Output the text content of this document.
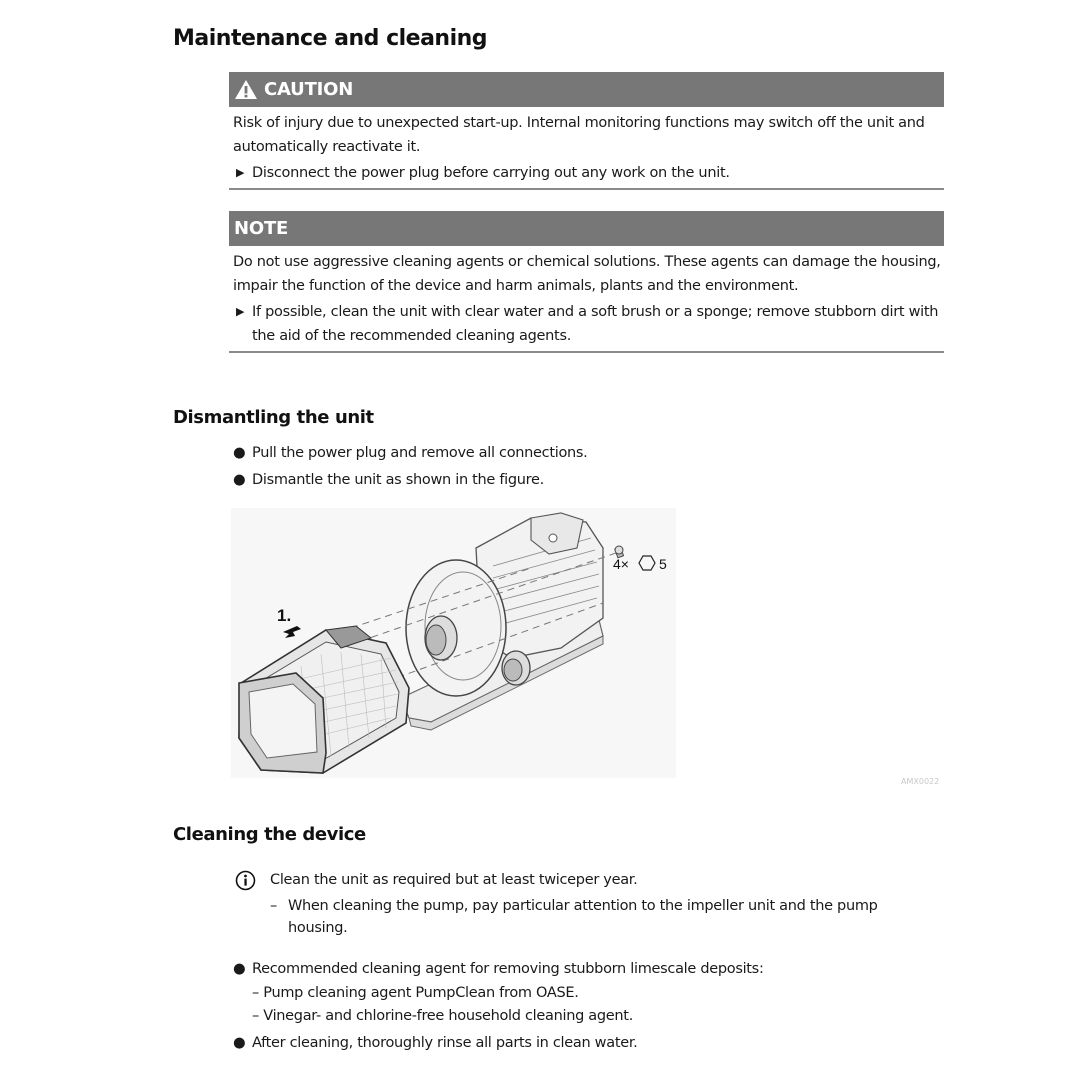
Maintenance and cleaning
CAUTION
Risk of injury due to unexpected start-up. Internal monitoring functions may switch off the unit and automatically reactivate it.
▶ Disconnect the power plug before carrying out any work on the unit.
NOTE
Do not use aggressive cleaning agents or chemical solutions. These agents can damage the housing, impair the function of the device and harm animals, plants and the environment.
▶ If possible, clean the unit with clear water and a soft brush or a sponge; remove stubborn dirt with the aid of the recommended cleaning agents.
Dismantling the unit
● Pull the power plug and remove all connections.
● Dismantle the unit as shown in the figure.
1.
4× 5
AMX0022
Cleaning the device
Clean the unit as required but at least twiceper year.
– When cleaning the pump, pay particular attention to the impeller unit and the pump housing.
● Recommended cleaning agent for removing stubborn limescale deposits:
– Pump cleaning agent PumpClean from OASE.
– Vinegar- and chlorine-free household cleaning agent.
● After cleaning, thoroughly rinse all parts in clean water.
